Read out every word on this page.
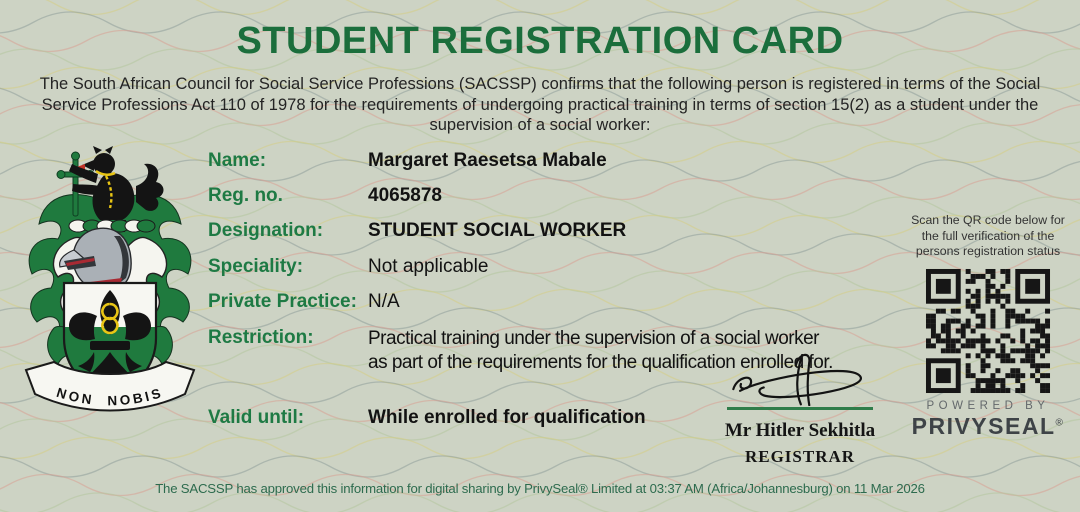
STUDENT REGISTRATION CARD

The South African Council for Social Service Professions (SACSSP) confirms that the following person is registered in terms of the Social Service Professions Act 110 of 1978 for the requirements of undergoing practical training in terms of section 15(2) as a student under the supervision of a social worker:

NON NOBIS
Name:	Margaret Raesetsa Mabale
Reg. no.	4065878
Designation:	STUDENT SOCIAL WORKER
Speciality:	Not applicable
Private Practice: N/A
Restriction:	Practical training under the supervision of a social worker
as part of the requirements for the qualification enrolled for.
Valid until:	While enrolled for qualification
Mr Hitler Sekhitla
REGISTRAR
Scan the QR code below for the full verification of the persons registration status
POWERED BY
PRIVYSEAL®
The SACSSP has approved this information for digital sharing by PrivySeal® Limited at 03:37 AM (Africa/Johannesburg) on 11 Mar 2026
